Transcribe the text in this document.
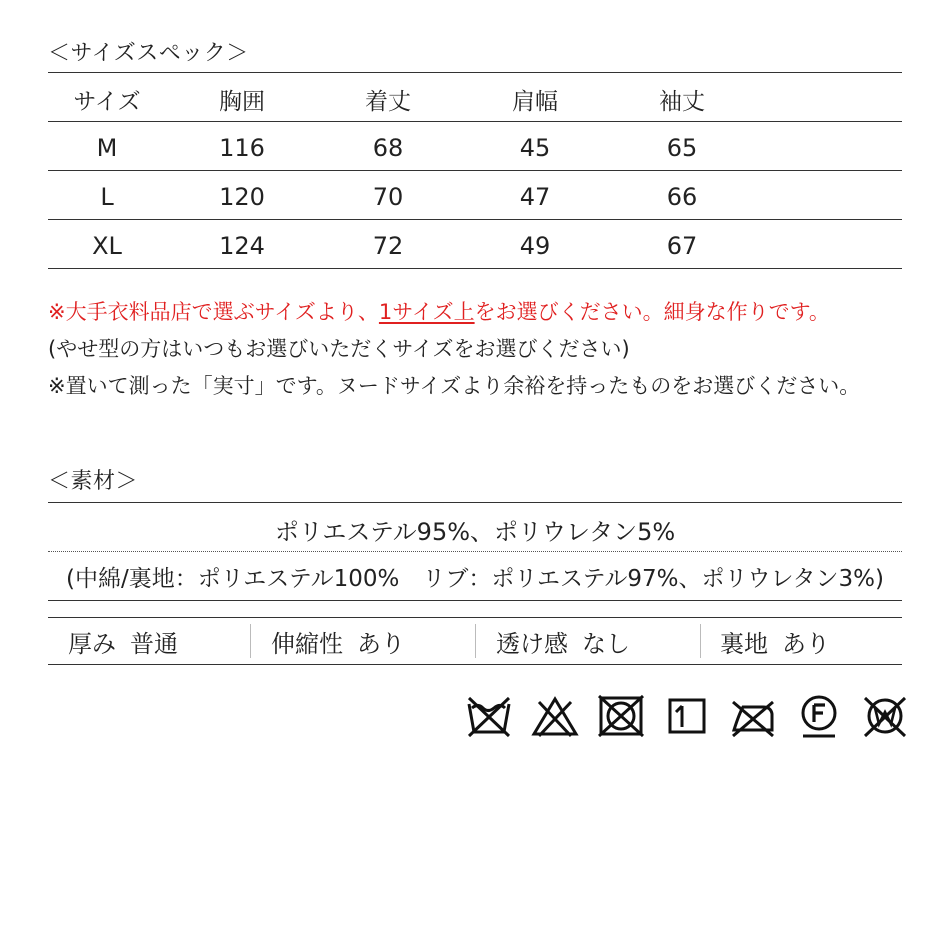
＜サイズスペック＞
サイズ	胸囲	着丈	肩幅	袖丈
M	116	68	45	65
L	120	70	47	66
XL	124	72	49	67
※大手衣料品店で選ぶサイズより、1サイズ上をお選びください。細身な作りです。
(やせ型の方はいつもお選びいただくサイズをお選びください)
※置いて測った「実寸」です。ヌードサイズより余裕を持ったものをお選びください。
＜素材＞
ポリエステル95%、ポリウレタン5%
(中綿/裏地：ポリエステル100%　リブ：ポリエステル97%、ポリウレタン3%)
厚み 普通	伸縮性 あり	透け感 なし	裏地 あり
